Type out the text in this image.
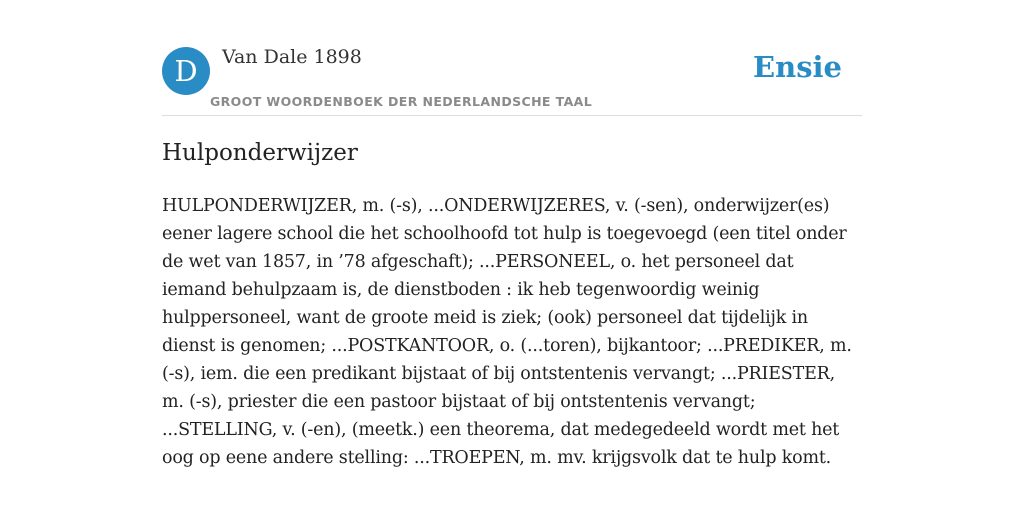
D	Van Dale 1898
GROOT WOORDENBOEK DER NEDERLANDSCHE TAAL
Ensie
Hulponderwijzer

HULPONDERWIJZER, m. (-s), ...ONDERWIJZERES, v. (-sen), onderwijzer(es) eener lagere school die het schoolhoofd tot hulp is toegevoegd (een titel onder de wet van 1857, in ’78 afgeschaft); ...PERSONEEL, o. het personeel dat iemand behulpzaam is, de dienstboden : ik heb tegenwoordig weinig hulppersoneel, want de groote meid is ziek; (ook) personeel dat tijdelijk in dienst is genomen; ...POSTKANTOOR, o. (...toren), bijkantoor; ...PREDIKER, m. (-s), iem. die een predikant bijstaat of bij ontstentenis vervangt; ...PRIESTER, m. (-s), priester die een pastoor bijstaat of bij ontstentenis vervangt; ...STELLING, v. (-en), (meetk.) een theorema, dat medegedeeld wordt met het oog op eene andere stelling: ...TROEPEN, m. mv. krijgsvolk dat te hulp komt.
